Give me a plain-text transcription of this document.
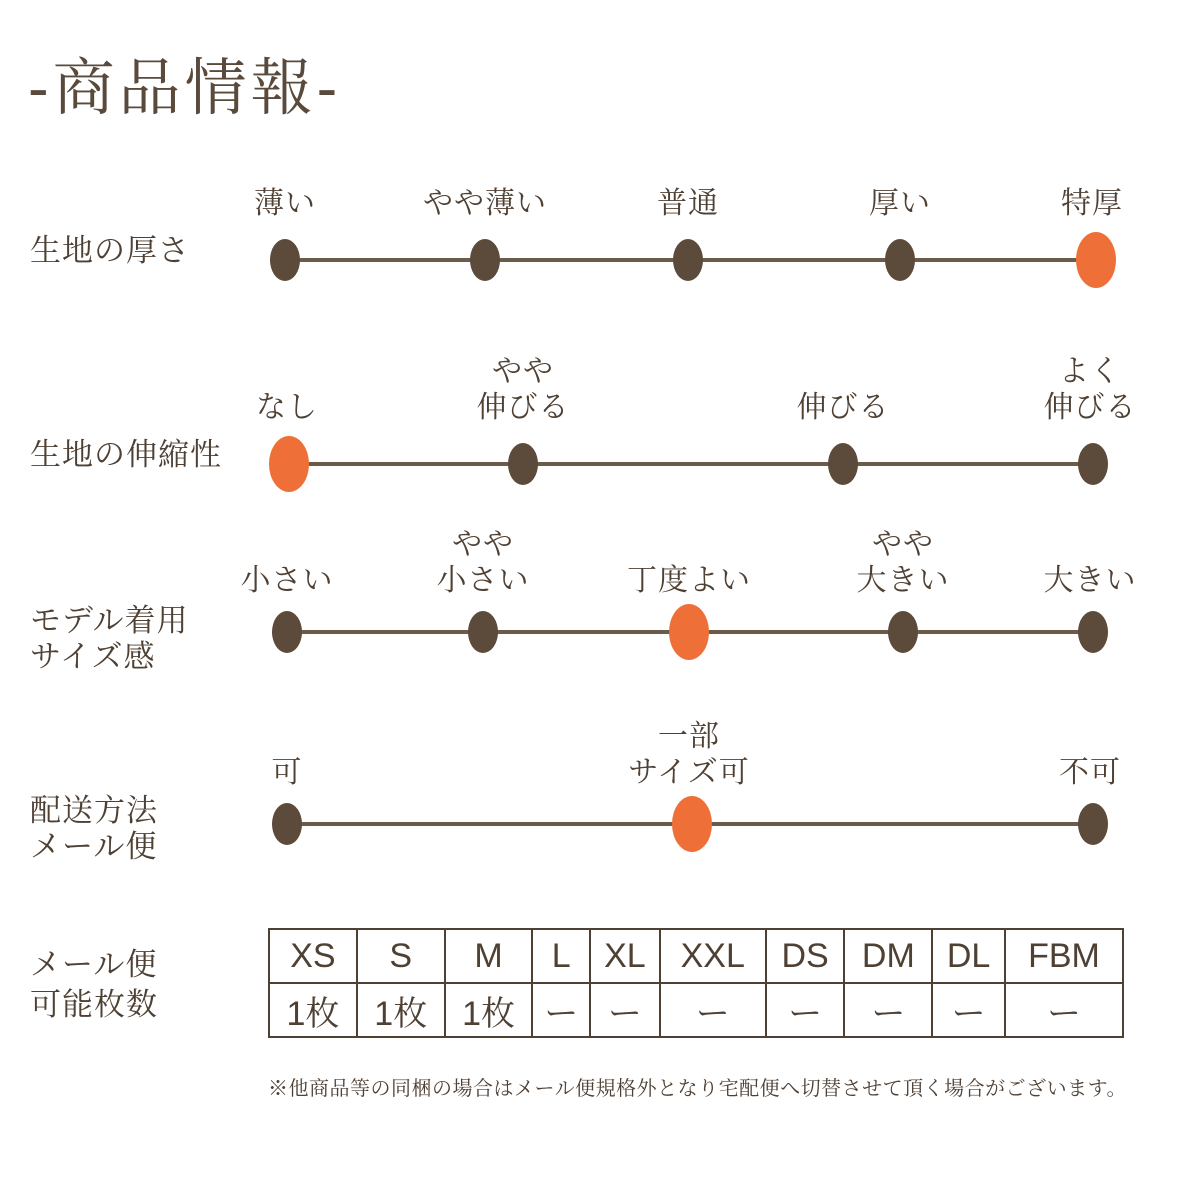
-商品情報-
生地の厚さ
薄い	やや薄い	普通	厚い	特厚
生地の伸縮性
なし
やや
伸びる	伸びる
よく
伸びる
モデル着用
サイズ感
小さい
やや
小さい	丁度よい
やや
大きい	大きい
配送方法
メール便
可
一部
サイズ可	不可
メール便
可能枚数
XS	S	M	L	XL	XXL	DS	DM	DL	FBM
1枚	1枚	1枚	ー	ー	ー	ー	ー	ー	ー
※他商品等の同梱の場合はメール便規格外となり宅配便へ切替させて頂く場合がございます。
